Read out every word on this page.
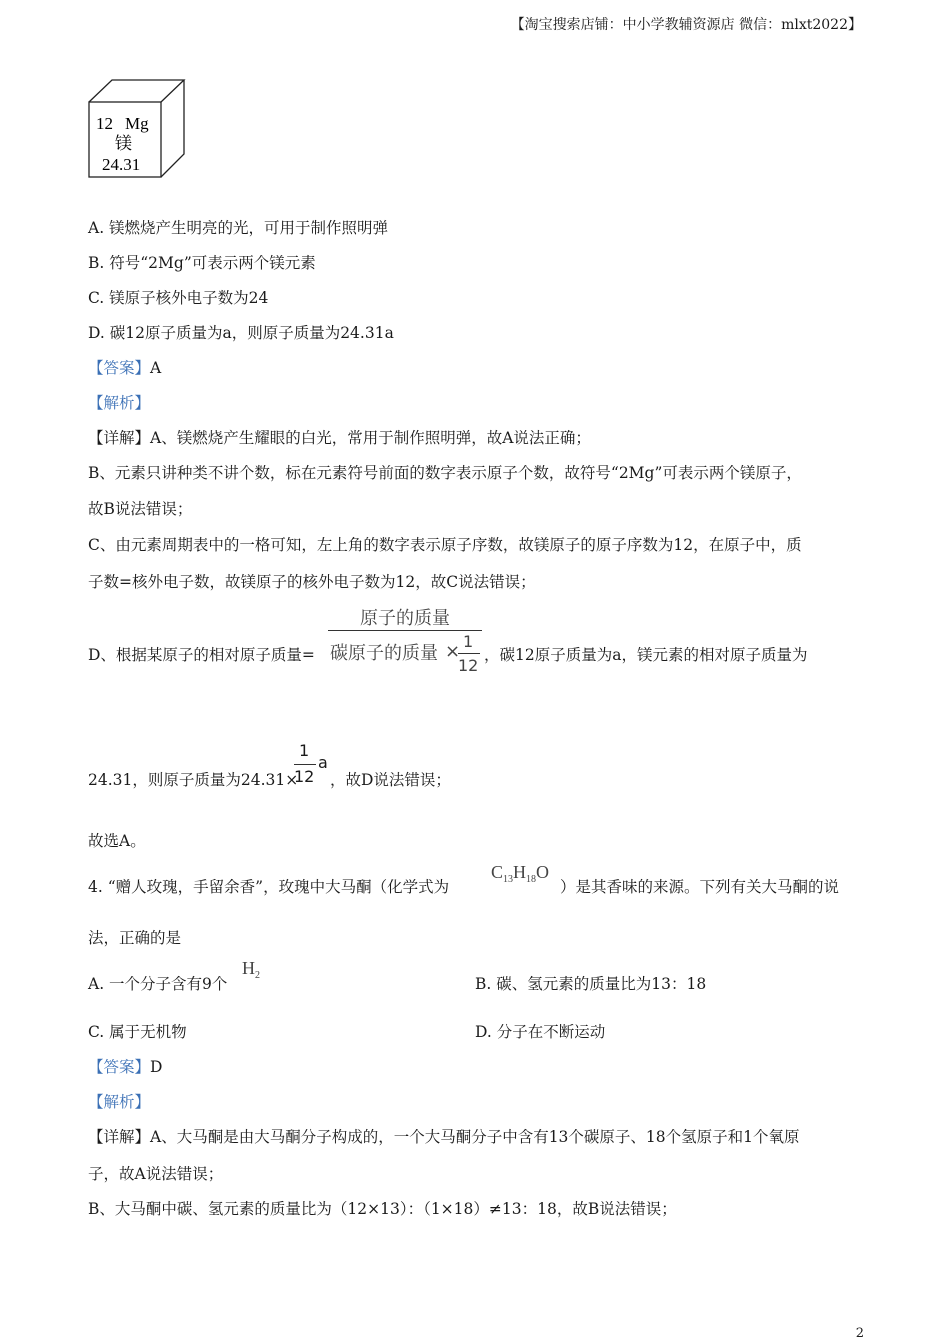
【淘宝搜索店铺：中小学教辅资源店 微信：mlxt2022】
12 Mg
镁
24.31
A. 镁燃烧产生明亮的光，可用于制作照明弹
B. 符号“2Mg”可表示两个镁元素
C. 镁原子核外电子数为24
D. 碳12原子质量为a，则原子质量为24.31a
【答案】A
【解析】
【详解】A、镁燃烧产生耀眼的白光，常用于制作照明弹，故A说法正确；
B、元素只讲种类不讲个数，标在元素符号前面的数字表示原子个数，故符号“2Mg”可表示两个镁原子，
故B说法错误；
C、由元素周期表中的一格可知，左上角的数字表示原子序数，故镁原子的原子序数为12，在原子中，质
子数=核外电子数，故镁原子的核外电子数为12，故C说法错误；
D、根据某原子的相对原子质量=
原子的质量
碳原子的质量 × 1
12
，碳12原子质量为a，镁元素的相对原子质量为
24.31，则原子质量为24.31×
1
12
a
，故D说法错误；
故选A。
4. “赠人玫瑰，手留余香”，玫瑰中大马酮（化学式为
$C_{13}H_{18}O$
）是其香味的来源。下列有关大马酮的说
法，正确的是
A. 一个分子含有9个
$H_2$	B. 碳、氢元素的质量比为13：18
C. 属于无机物	D. 分子在不断运动
【答案】D
【解析】
【详解】A、大马酮是由大马酮分子构成的，一个大马酮分子中含有13个碳原子、18个氢原子和1个氧原
子，故A说法错误；
B、大马酮中碳、氢元素的质量比为（12×13）：（1×18）≠13：18，故B说法错误；
2
